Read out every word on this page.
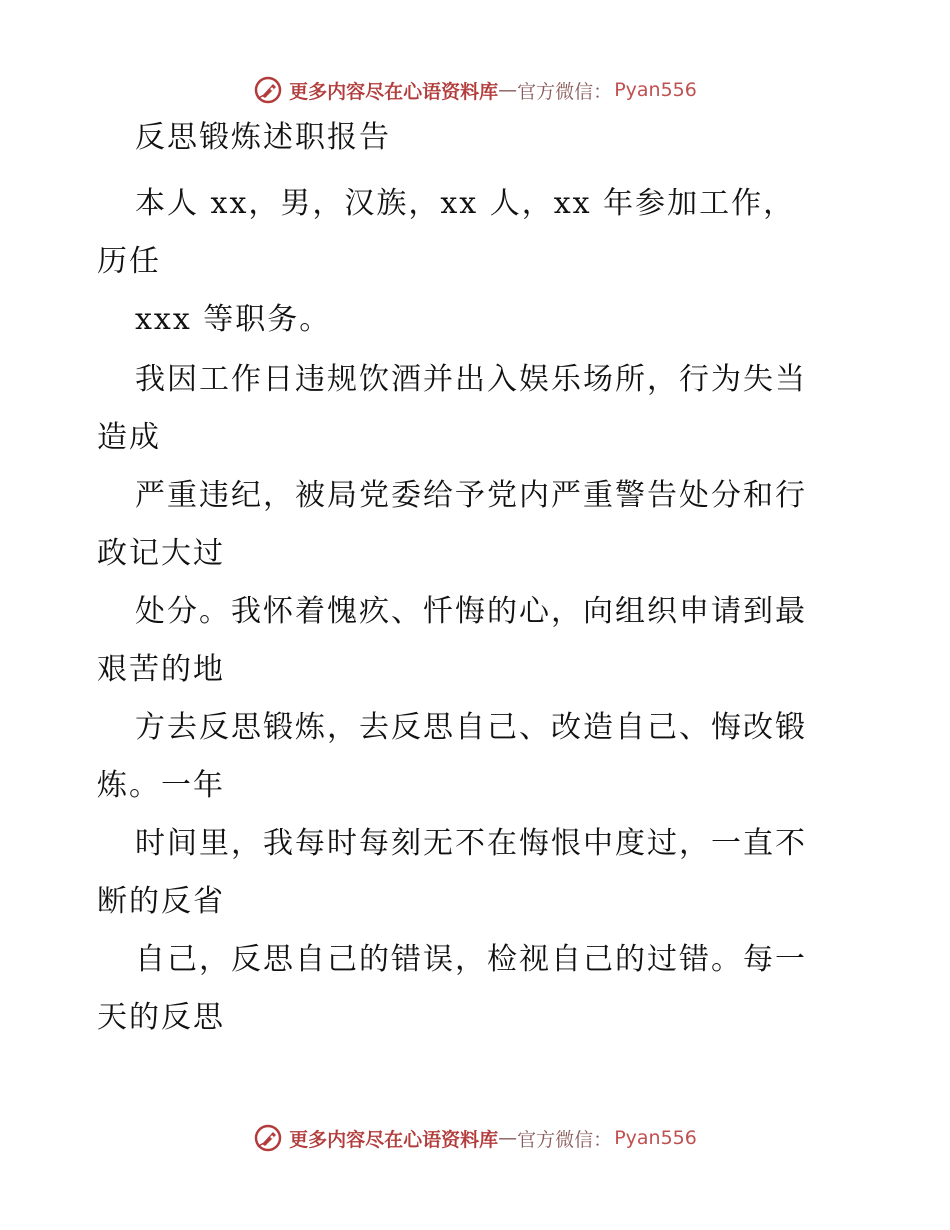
更多内容尽在心语资料库 — 官方微信： Pyan556
反思锻炼述职报告
本人 xx，男，汉族，xx 人，xx 年参加工作，
历任
xxx 等职务。
我因工作日违规饮酒并出入娱乐场所，行为失当
造成
严重违纪，被局党委给予党内严重警告处分和行
政记大过
处分。我怀着愧疚、忏悔的心，向组织申请到最
艰苦的地
方去反思锻炼，去反思自己、改造自己、悔改锻
炼。一年
时间里，我每时每刻无不在悔恨中度过，一直不
断的反省
自己，反思自己的错误，检视自己的过错。每一
天的反思
更多内容尽在心语资料库 — 官方微信： Pyan556
